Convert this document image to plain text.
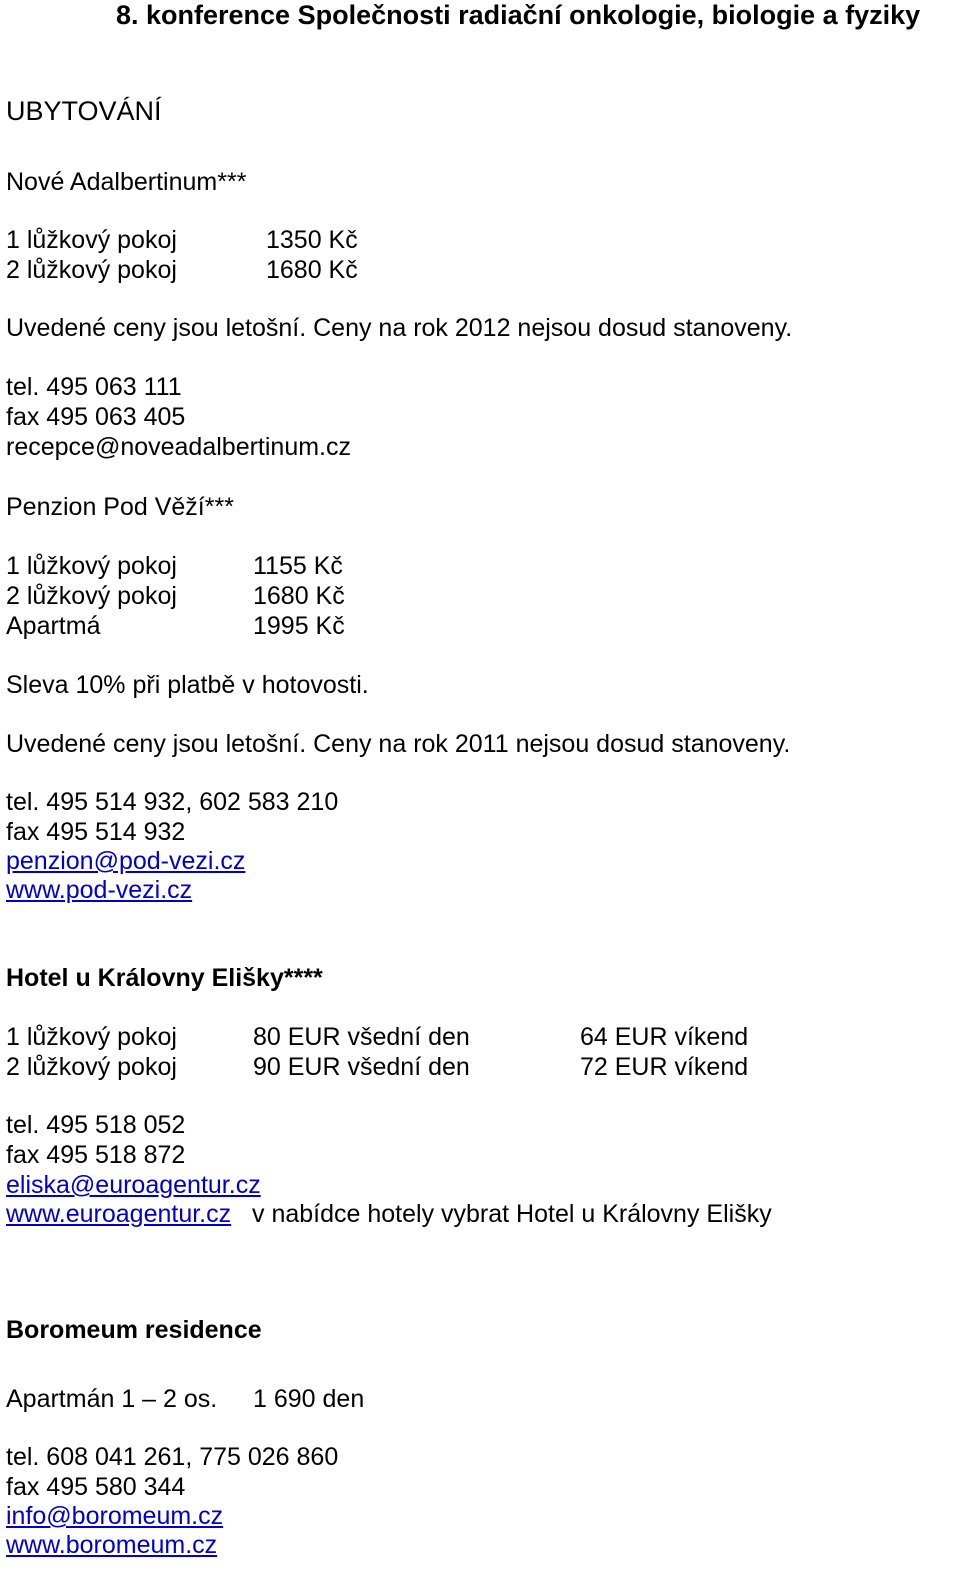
8. konference Společnosti radiační onkologie, biologie a fyziky

UBYTOVÁNÍ

Nové Adalbertinum***

1 lůžkový pokoj	1350 Kč

2 lůžkový pokoj	1680 Kč

Uvedené ceny jsou letošní. Ceny na rok 2012 nejsou dosud stanoveny.

tel. 495 063 111

fax 495 063 405

recepce@noveadalbertinum.cz

Penzion Pod Věží***

1 lůžkový pokoj	1155 Kč

2 lůžkový pokoj	1680 Kč

Apartmá	1995 Kč

Sleva 10% při platbě v hotovosti.

Uvedené ceny jsou letošní. Ceny na rok 2011 nejsou dosud stanoveny.

tel. 495 514 932, 602 583 210

fax 495 514 932

penzion@pod-vezi.cz
www.pod-vezi.cz

Hotel u Královny Elišky****

1 lůžkový pokoj	80 EUR všední den	64 EUR víkend

2 lůžkový pokoj	90 EUR všední den	72 EUR víkend

tel. 495 518 052

fax 495 518 872

eliska@euroagentur.cz
www.euroagentur.cz v nabídce hotely vybrat Hotel u Královny Elišky

Boromeum residence

Apartmán 1 – 2 os. 1 690 den

tel. 608 041 261, 775 026 860

fax 495 580 344

info@boromeum.cz
www.boromeum.cz
